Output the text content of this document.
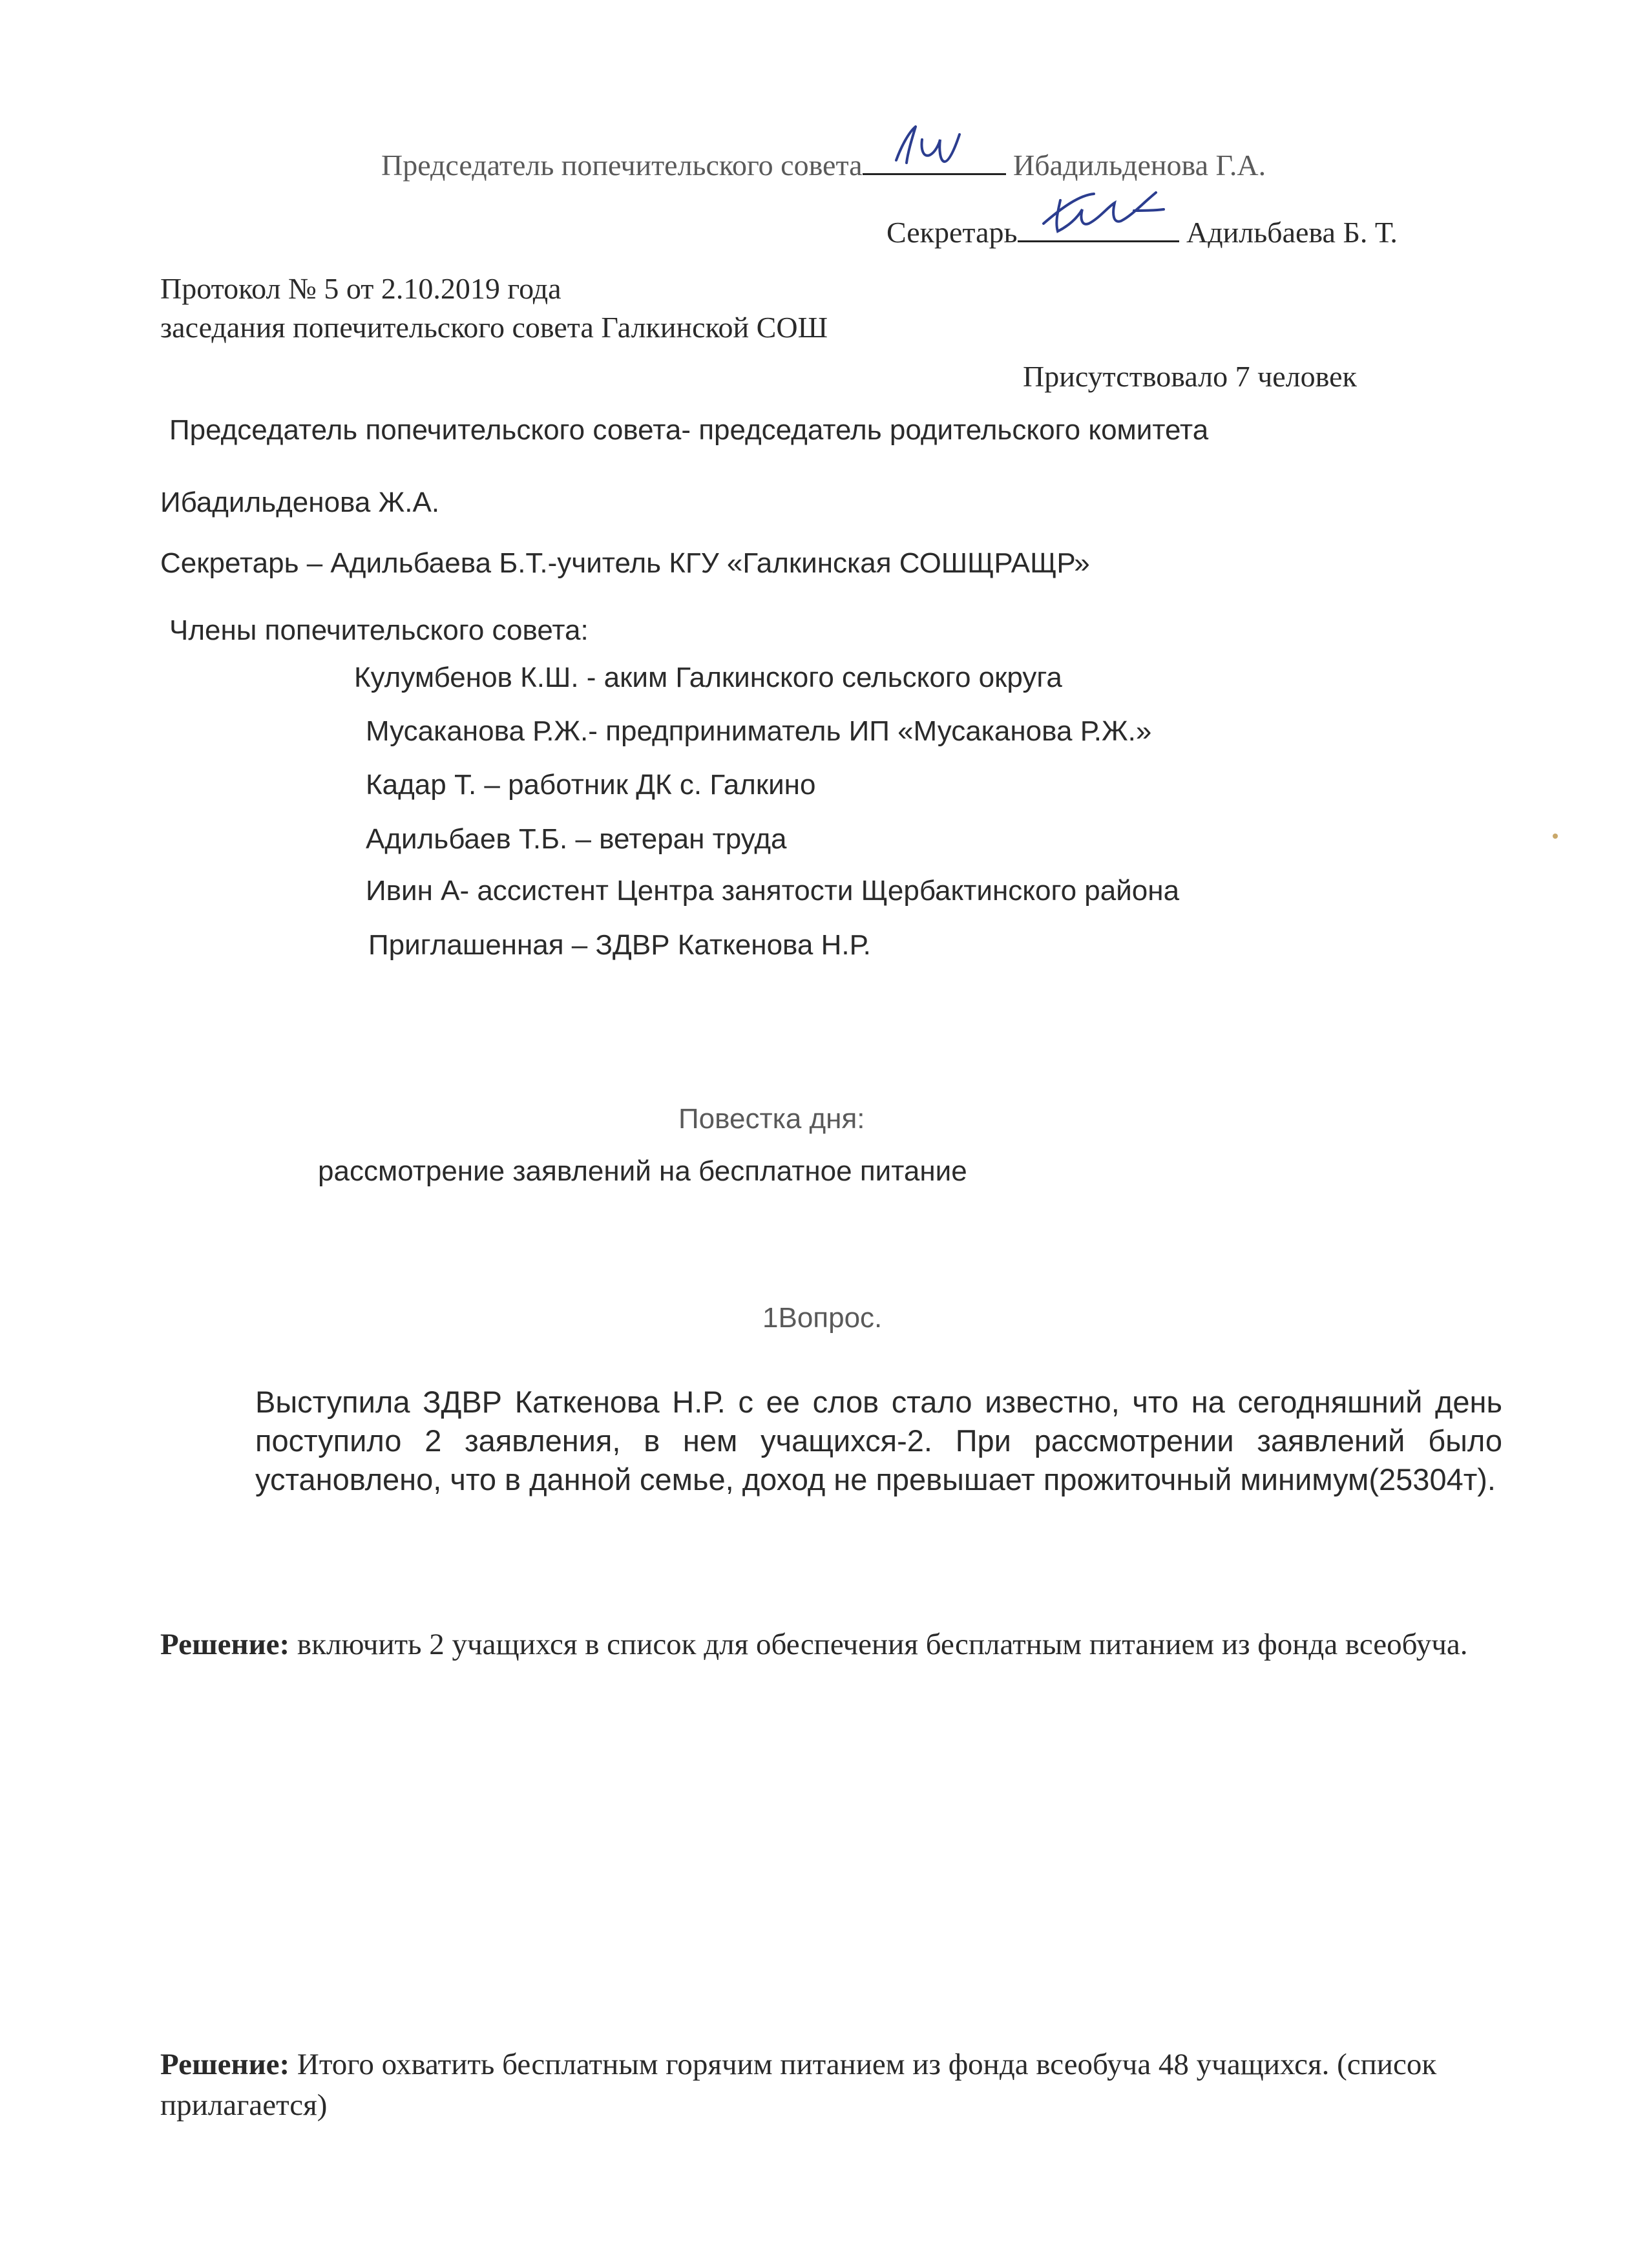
Председатель попечительского совета	Ибадильденова Г.А.
Секретарь	Адильбаева Б. Т.
Протокол № 5 от 2.10.2019 года
заседания попечительского совета Галкинской СОШ
Присутствовало 7 человек
Председатель попечительского совета- председатель родительского комитета
Ибадильденова Ж.А.
Секретарь – Адильбаева Б.Т.-учитель КГУ «Галкинская СОШЩРАЩР»
Члены попечительского совета:
Кулумбенов К.Ш. - аким Галкинского сельского округа
Мусаканова Р.Ж.- предприниматель ИП «Мусаканова Р.Ж.»
Кадар Т. – работник ДК с. Галкино
Адильбаев Т.Б. – ветеран труда
Ивин А- ассистент Центра занятости Щербактинского района
Приглашенная – ЗДВР Каткенова Н.Р.
Повестка дня:
рассмотрение заявлений на бесплатное питание
1Вопрос.
Выступила ЗДВР Каткенова Н.Р. с ее слов стало известно, что на сегодняшний день поступило 2 заявления, в нем учащихся-2. При рассмотрении заявлений было установлено, что в данной семье, доход не превышает прожиточный минимум(25304т).
Решение: включить 2 учащихся в список для обеспечения бесплатным питанием из фонда всеобуча.
Решение: Итого охватить бесплатным горячим питанием из фонда всеобуча 48 учащихся. (список прилагается)
